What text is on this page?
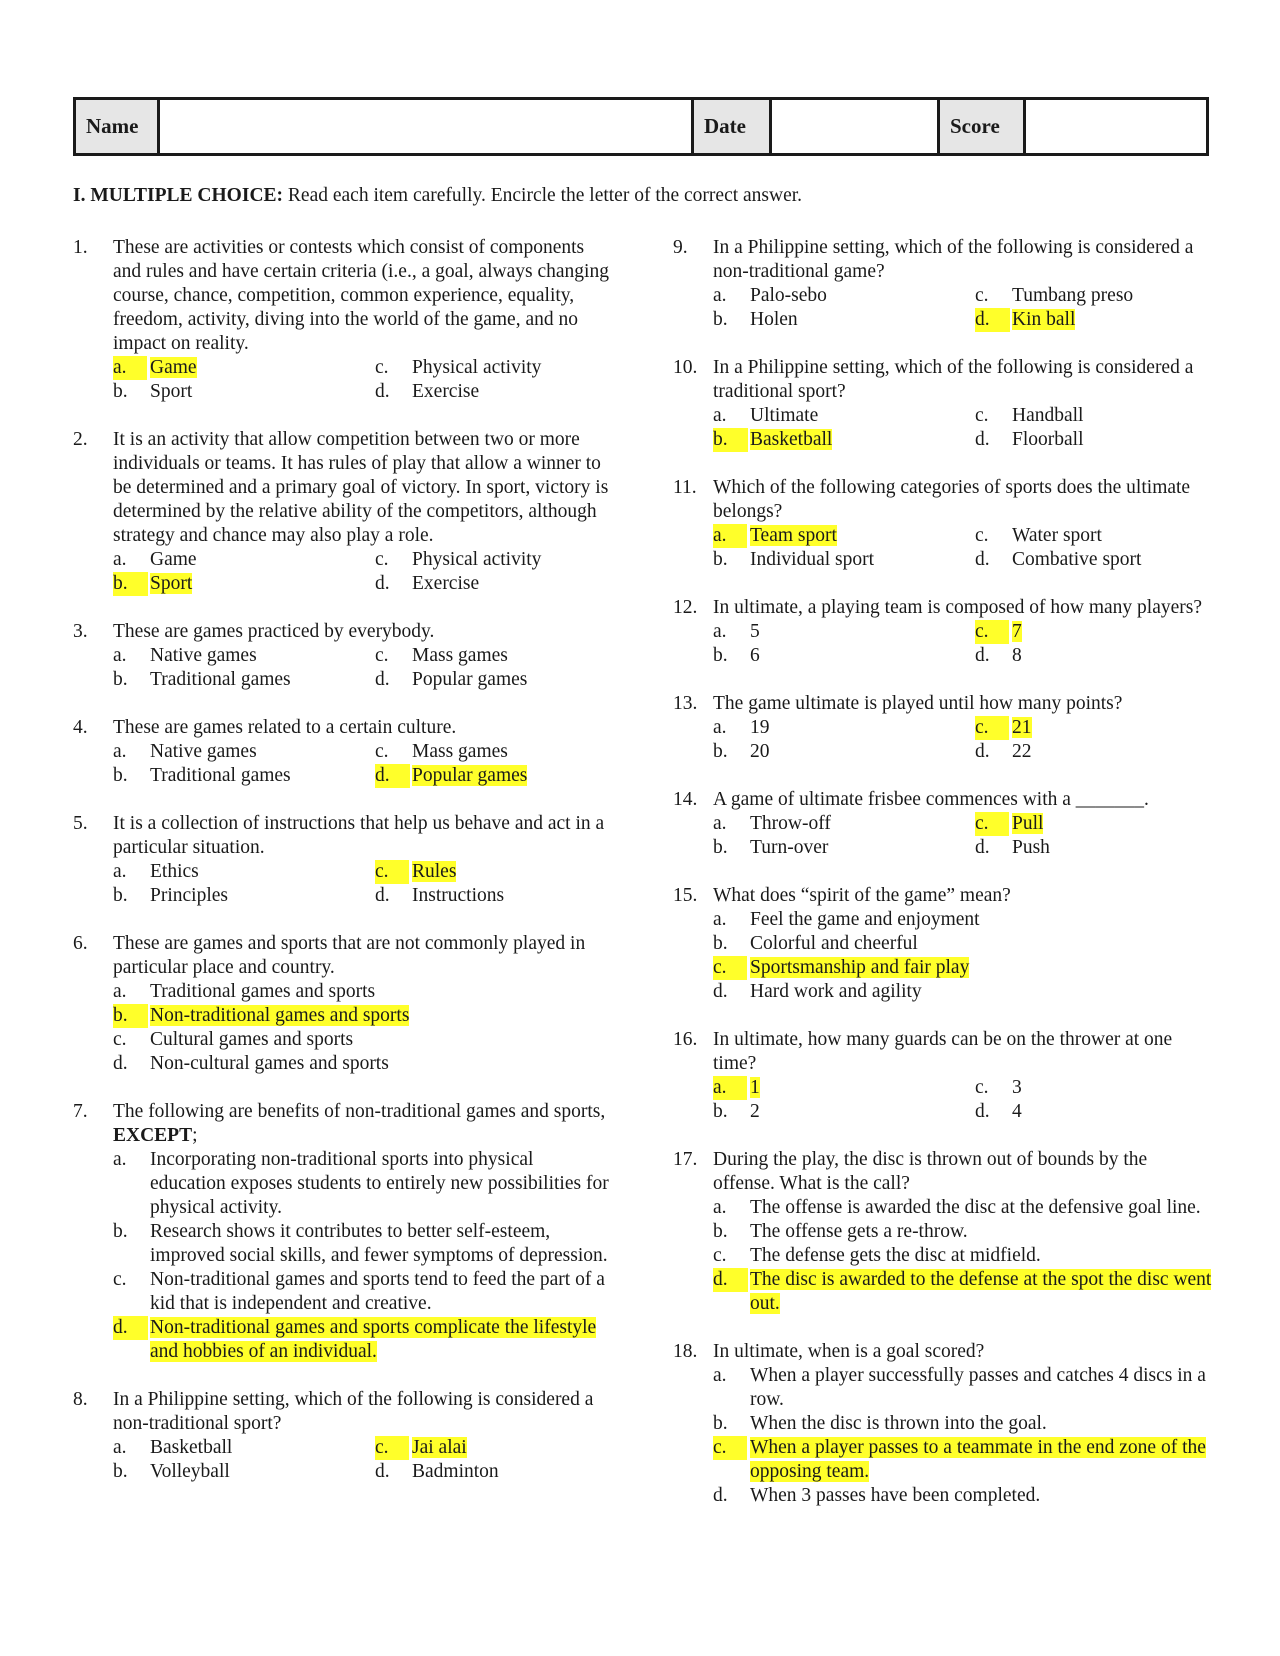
Name	Date	Score
I. MULTIPLE CHOICE: Read each item carefully. Encircle the letter of the correct answer.
1. These are activities or contests which consist of components and rules and have certain criteria (i.e., a goal, always changing course, chance, competition, common experience, equality, freedom, activity, diving into the world of the game, and no impact on reality.
a.	Game	c. Physical activity
b. Sport	d. Exercise
2. It is an activity that allow competition between two or more individuals or teams. It has rules of play that allow a winner to be determined and a primary goal of victory. In sport, victory is determined by the relative ability of the competitors, although strategy and chance may also play a role.
a. Game	c. Physical activity
b.	Sport	d. Exercise
3. These are games practiced by everybody.
a. Native games	c. Mass games
b. Traditional games	d. Popular games
4. These are games related to a certain culture.
a. Native games	c. Mass games
b. Traditional games	d.	Popular games
5. It is a collection of instructions that help us behave and act in a particular situation.
a. Ethics	c.	Rules
b. Principles	d. Instructions
6. These are games and sports that are not commonly played in particular place and country.
a. Traditional games and sports
b.	Non-traditional games and sports
c. Cultural games and sports
d. Non-cultural games and sports
7. The following are benefits of non-traditional games and sports, EXCEPT;
a. Incorporating non-traditional sports into physical education exposes students to entirely new possibilities for physical activity.
b. Research shows it contributes to better self-esteem, improved social skills, and fewer symptoms of depression.
c. Non-traditional games and sports tend to feed the part of a kid that is independent and creative.
d.	Non-traditional games and sports complicate the lifestyle and hobbies of an individual.
8. In a Philippine setting, which of the following is considered a non-traditional sport?
a. Basketball	c.	Jai alai
b. Volleyball	d. Badminton
9. In a Philippine setting, which of the following is considered a non-traditional game?
a. Palo-sebo	c. Tumbang preso
b. Holen	d.	Kin ball
10. In a Philippine setting, which of the following is considered a traditional sport?
a. Ultimate	c. Handball
b.	Basketball	d. Floorball
11. Which of the following categories of sports does the ultimate belongs?
a.	Team sport	c. Water sport
b. Individual sport	d. Combative sport
12. In ultimate, a playing team is composed of how many players?
a. 5	c.	7
b. 6	d. 8
13. The game ultimate is played until how many points?
a. 19	c.	21
b. 20	d. 22
14. A game of ultimate frisbee commences with a _______.
a. Throw-off	c.	Pull
b. Turn-over	d. Push
15. What does “spirit of the game” mean?
a. Feel the game and enjoyment
b. Colorful and cheerful
c.	Sportsmanship and fair play
d. Hard work and agility
16. In ultimate, how many guards can be on the thrower at one time?
a.	1	c. 3
b. 2	d. 4
17. During the play, the disc is thrown out of bounds by the offense. What is the call?
a. The offense is awarded the disc at the defensive goal line.
b. The offense gets a re-throw.
c. The defense gets the disc at midfield.
d.	The disc is awarded to the defense at the spot the disc went out.
18. In ultimate, when is a goal scored?
a. When a player successfully passes and catches 4 discs in a row.
b. When the disc is thrown into the goal.
c.	When a player passes to a teammate in the end zone of the opposing team.
d. When 3 passes have been completed.
